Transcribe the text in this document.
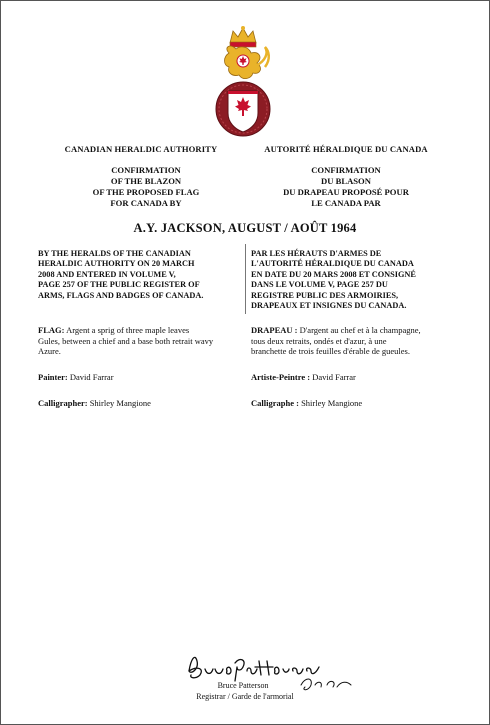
CANADIAN HERALDIC AUTHORITY	AUTORITÉ HÉRALDIQUE DU CANADA
CONFIRMATION
OF THE BLAZON
OF THE PROPOSED FLAG
FOR CANADA BY
CONFIRMATION
DU BLASON
DU DRAPEAU PROPOSÉ POUR
LE CANADA PAR
A.Y. JACKSON, AUGUST / AOÛT 1964
BY THE HERALDS OF THE CANADIAN
HERALDIC AUTHORITY ON 20 MARCH
2008 AND ENTERED IN VOLUME V,
PAGE 257 OF THE PUBLIC REGISTER OF
ARMS, FLAGS AND BADGES OF CANADA.
PAR LES HÉRAUTS D'ARMES DE
L'AUTORITÉ HÉRALDIQUE DU CANADA
EN DATE DU 20 MARS 2008 ET CONSIGNÉ
DANS LE VOLUME V, PAGE 257 DU
REGISTRE PUBLIC DES ARMOIRIES,
DRAPEAUX ET INSIGNES DU CANADA.
FLAG: Argent a sprig of three maple leaves
Gules, between a chief and a base both retrait wavy
Azure.
DRAPEAU : D'argent au chef et à la champagne,
tous deux retraits, ondés et d'azur, à une
branchette de trois feuilles d'érable de gueules.
Painter: David Farrar	Artiste-Peintre : David Farrar
Calligrapher: Shirley Mangione	Calligraphe : Shirley Mangione
Bruce Patterson
Registrar / Garde de l'armorial
